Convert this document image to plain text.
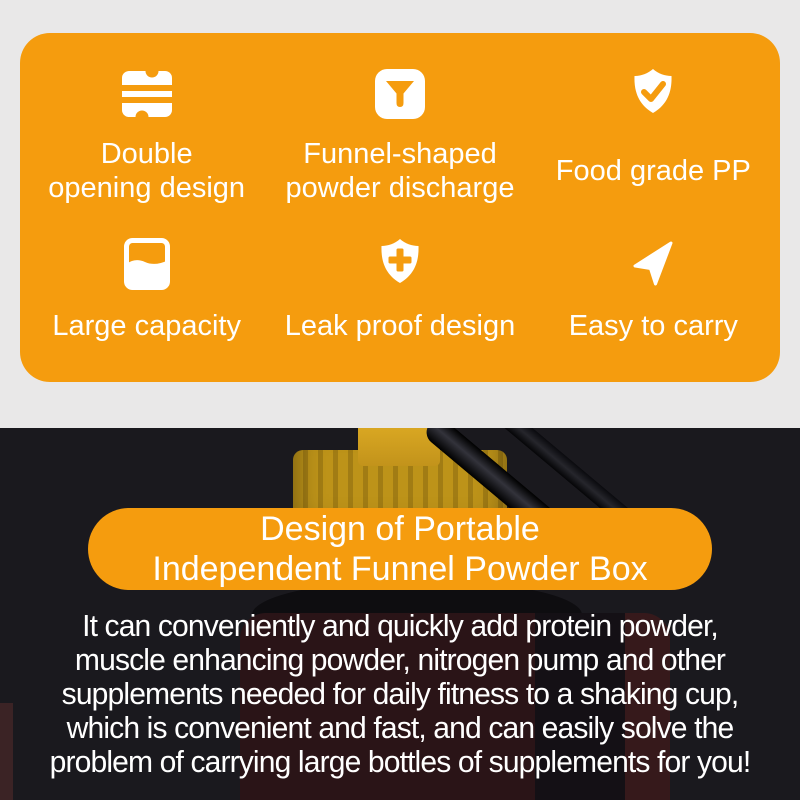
Double
opening design
Funnel-shaped
powder discharge
Food grade PP
Large capacity Leak proof design Easy to carry
Design of Portable
Independent Funnel Powder Box
It can conveniently and quickly add protein powder,
muscle enhancing powder, nitrogen pump and other
supplements needed for daily fitness to a shaking cup,
which is convenient and fast, and can easily solve the
problem of carrying large bottles of supplements for you!
